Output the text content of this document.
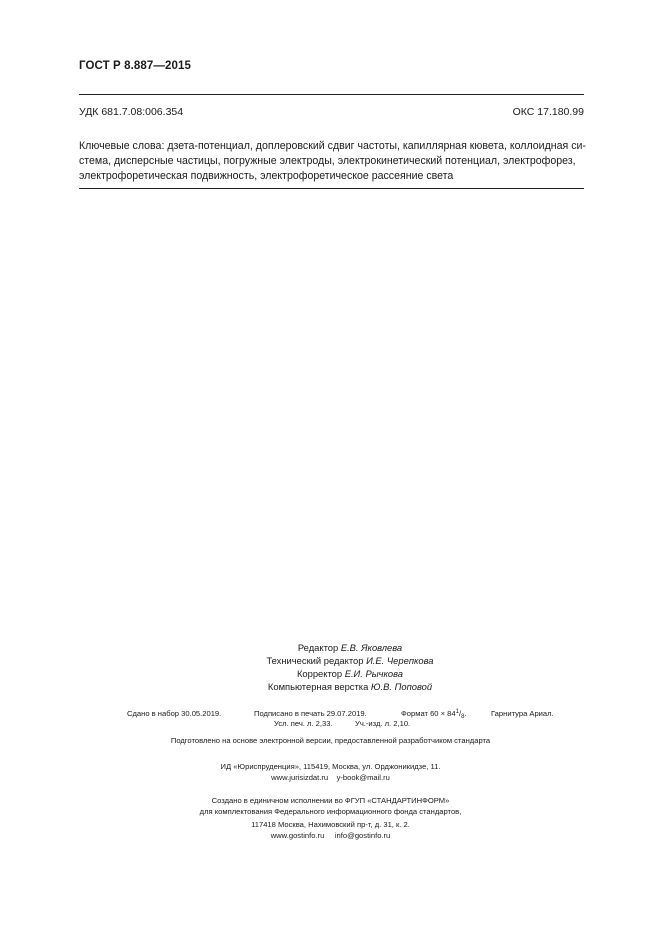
ГОСТ Р 8.887—2015
УДК 681.7.08:006.354	ОКС 17.180.99
Ключевые слова: дзета-потенциал, доплеровский сдвиг частоты, капиллярная кювета, коллоидная си-
стема, дисперсные частицы, погружные электроды, электрокинетический потенциал, электрофорез,
электрофоретическая подвижность, электрофоретическое рассеяние света
Редактор Е.В. Яковлева
Технический редактор И.Е. Черепкова
Корректор Е.И. Рычкова
Компьютерная верстка Ю.В. Поповой
Сдано в набор 30.05.2019.	Подписано в печать 29.07.2019.	Формат $60 \times 84^1/_8$.	Гарнитура Ариал.
Усл. печ. л. 2,33.	Уч.-изд. л. 2,10.
Подготовлено на основе электронной версии, предоставленной разработчиком стандарта
ИД «Юриспруденция», 115419, Москва, ул. Орджоникидзе, 11.
www.jurisizdat.ru y-book@mail.ru
Создано в единичном исполнении во ФГУП «СТАНДАРТИНФОРМ»
для комплектования Федерального информационного фонда стандартов,
117418 Москва, Нахимовский пр-т, д. 31, к. 2.
www.gostinfo.ru info@gostinfo.ru
